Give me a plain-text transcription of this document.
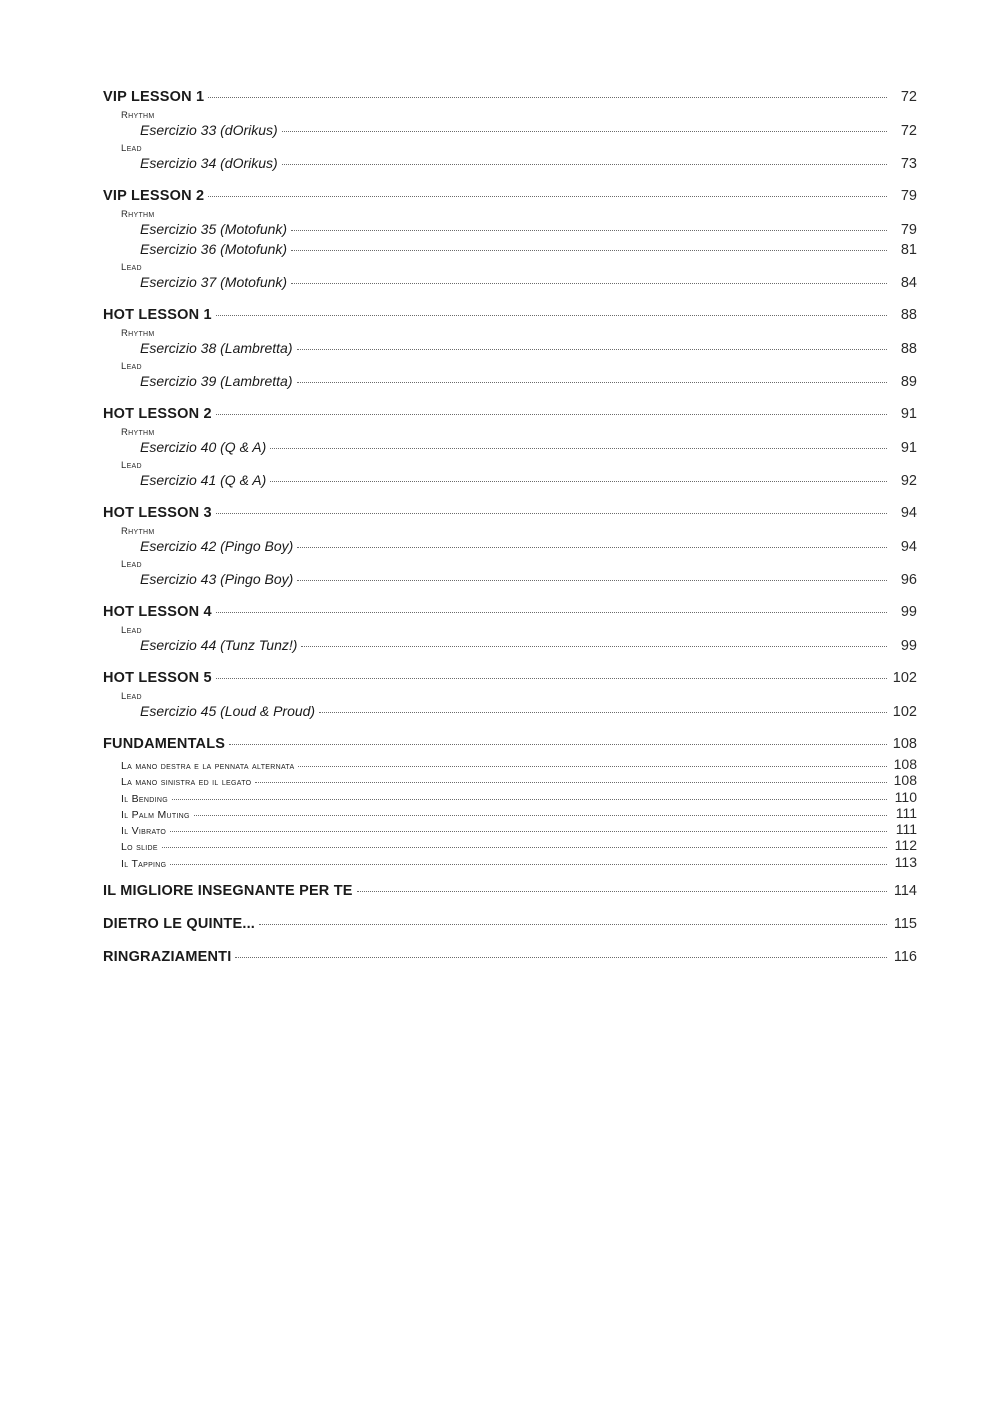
VIP LESSON 1	72
Rhythm
Esercizio 33 (dOrikus)	72
Lead
Esercizio 34 (dOrikus)	73
VIP LESSON 2	79
Rhythm
Esercizio 35 (Motofunk)	79
Esercizio 36 (Motofunk)	81
Lead
Esercizio 37 (Motofunk)	84
HOT LESSON 1	88
Rhythm
Esercizio 38 (Lambretta)	88
Lead
Esercizio 39 (Lambretta)	89
HOT LESSON 2	91
Rhythm
Esercizio 40 (Q & A)	91
Lead
Esercizio 41 (Q & A)	92
HOT LESSON 3	94
Rhythm
Esercizio 42 (Pingo Boy)	94
Lead
Esercizio 43 (Pingo Boy)	96
HOT LESSON 4	99
Lead
Esercizio 44 (Tunz Tunz!)	99
HOT LESSON 5	102
Lead
Esercizio 45 (Loud & Proud)	102
FUNDAMENTALS	108
La mano destra e la pennata alternata	108
La mano sinistra ed il legato	108
Il Bending	110
Il Palm Muting	111
Il Vibrato	111
Lo slide	112
Il Tapping	113
IL MIGLIORE INSEGNANTE PER TE	114
DIETRO LE QUINTE...	115
RINGRAZIAMENTI	116
